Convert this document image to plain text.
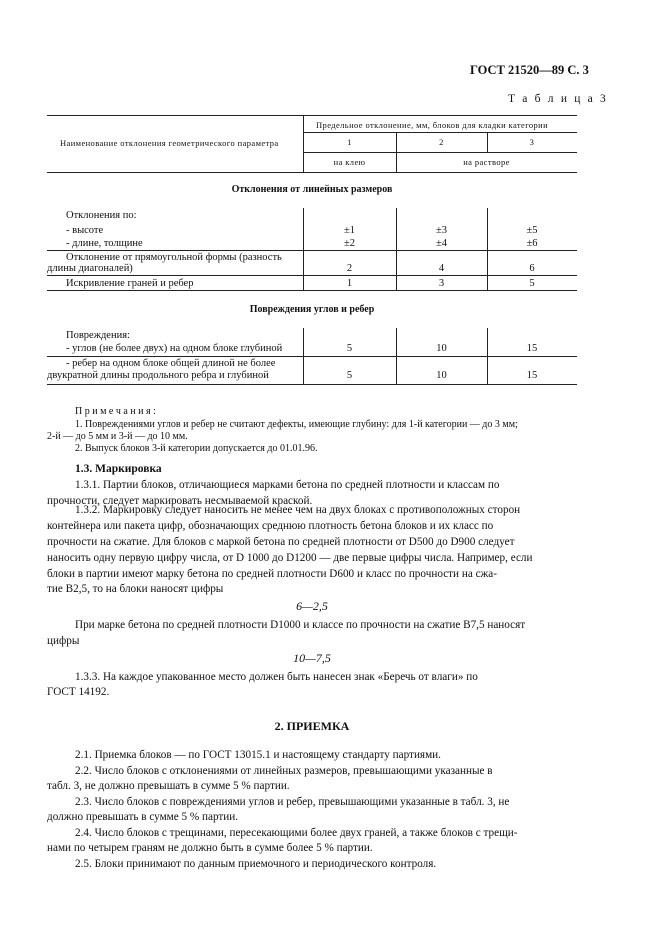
ГОСТ 21520—89 С. 3
Т а б л и ц а 3
Наименование отклонения геометрического параметра
Предельное отклонение, мм, блоков для кладки категории
1	2	3
на клею	на растворе
Отклонения от линейных размеров
Отклонения по:
- высоте	±1	±3	±5
- длине, толщине	±2	±4	±6
Отклонение от прямоугольной формы (разность
длины диагоналей)	2	4	6
Искривление граней и ребер	1	3	5
Повреждения углов и ребер
Повреждения:
- углов (не более двух) на одном блоке глубиной	5	10	15
- ребер на одном блоке общей длиной не более
двукратной длины продольного ребра и глубиной	5	10	15
П р и м е ч а н и я :
1. Повреждениями углов и ребер не считают дефекты, имеющие глубину: для 1-й категории — до 3 мм;
2-й — до 5 мм и 3-й — до 10 мм.
2. Выпуск блоков 3-й категории допускается до 01.01.96.
1.3. Маркировка
1.3.1. Партии блоков, отличающиеся марками бетона по средней плотности и классам по
прочности, следует маркировать несмываемой краской.
1.3.2. Маркировку следует наносить не менее чем на двух блоках с противоположных сторон
контейнера или пакета цифр, обозначающих среднюю плотность бетона блоков и их класс по
прочности на сжатие. Для блоков с маркой бетона по средней плотности от D500 до D900 следует
наносить одну первую цифру числа, от D 1000 до D1200 — две первые цифры числа. Например, если
блоки в партии имеют марку бетона по средней плотности D600 и класс по прочности на сжа-
тие B2,5, то на блоки наносят цифры
6—2,5
При марке бетона по средней плотности D1000 и классе по прочности на сжатие B7,5 наносят
цифры
10—7,5
1.3.3. На каждое упакованное место должен быть нанесен знак «Беречь от влаги» по
ГОСТ 14192.
2. ПРИЕМКА
2.1. Приемка блоков — по ГОСТ 13015.1 и настоящему стандарту партиями.
2.2. Число блоков с отклонениями от линейных размеров, превышающими указанные в
табл. 3, не должно превышать в сумме 5 % партии.
2.3. Число блоков с повреждениями углов и ребер, превышающими указанные в табл. 3, не
должно превышать в сумме 5 % партии.
2.4. Число блоков с трещинами, пересекающими более двух граней, а также блоков с трещи-
нами по четырем граням не должно быть в сумме более 5 % партии.
2.5. Блоки принимают по данным приемочного и периодического контроля.
